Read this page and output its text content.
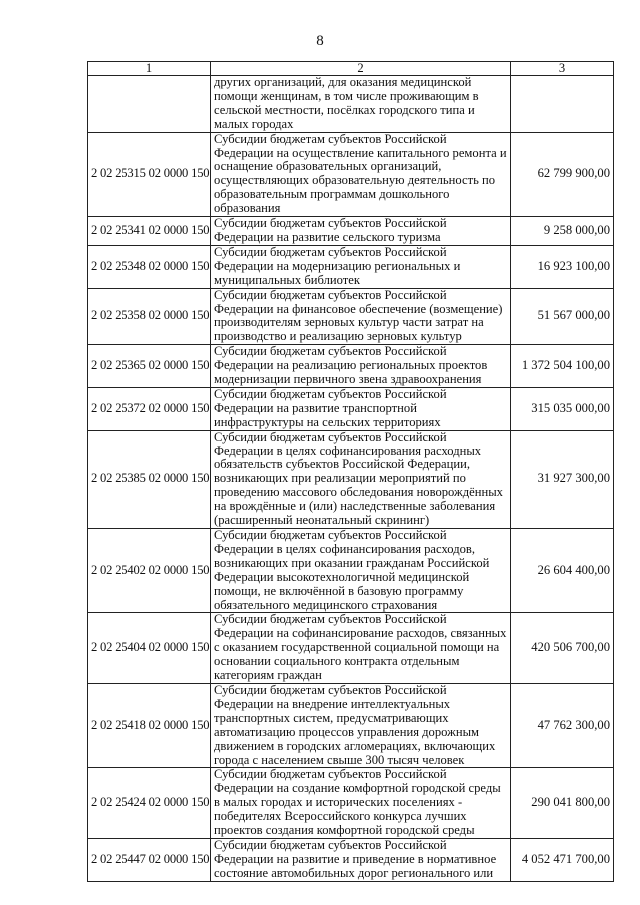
8
1	2	3
	других организаций, для оказания медицинской помощи женщинам, в том числе проживающим в сельской местности, посёлках городского типа и малых городах	
2 02 25315 02 0000 150	Субсидии бюджетам субъектов Российской Федерации на осуществление капитального ремонта и оснащение образовательных организаций, осуществляющих образовательную деятельность по образовательным программам дошкольного образования	62 799 900,00
2 02 25341 02 0000 150	Субсидии бюджетам субъектов Российской Федерации на развитие сельского туризма	9 258 000,00
2 02 25348 02 0000 150	Субсидии бюджетам субъектов Российской Федерации на модернизацию региональных и муниципальных библиотек	16 923 100,00
2 02 25358 02 0000 150	Субсидии бюджетам субъектов Российской Федерации на финансовое обеспечение (возмещение) производителям зерновых культур части затрат на производство и реализацию зерновых культур	51 567 000,00
2 02 25365 02 0000 150	Субсидии бюджетам субъектов Российской Федерации на реализацию региональных проектов модернизации первичного звена здравоохранения	1 372 504 100,00
2 02 25372 02 0000 150	Субсидии бюджетам субъектов Российской Федерации на развитие транспортной инфраструктуры на сельских территориях	315 035 000,00
2 02 25385 02 0000 150	Субсидии бюджетам субъектов Российской Федерации в целях софинансирования расходных обязательств субъектов Российской Федерации, возникающих при реализации мероприятий по проведению массового обследования новорождённых на врождённые и (или) наследственные заболевания (расширенный неонатальный скрининг)	31 927 300,00
2 02 25402 02 0000 150	Субсидии бюджетам субъектов Российской Федерации в целях софинансирования расходов, возникающих при оказании гражданам Российской Федерации высокотехнологичной медицинской помощи, не включённой в базовую программу обязательного медицинского страхования	26 604 400,00
2 02 25404 02 0000 150	Субсидии бюджетам субъектов Российской Федерации на софинансирование расходов, связанных с оказанием государственной социальной помощи на основании социального контракта отдельным категориям граждан	420 506 700,00
2 02 25418 02 0000 150	Субсидии бюджетам субъектов Российской Федерации на внедрение интеллектуальных транспортных систем, предусматривающих автоматизацию процессов управления дорожным движением в городских агломерациях, включающих города с населением свыше 300 тысяч человек	47 762 300,00
2 02 25424 02 0000 150	Субсидии бюджетам субъектов Российской Федерации на создание комфортной городской среды в малых городах и исторических поселениях - победителях Всероссийского конкурса лучших проектов создания комфортной городской среды	290 041 800,00
2 02 25447 02 0000 150	Субсидии бюджетам субъектов Российской Федерации на развитие и приведение в нормативное состояние автомобильных дорог регионального или	4 052 471 700,00
